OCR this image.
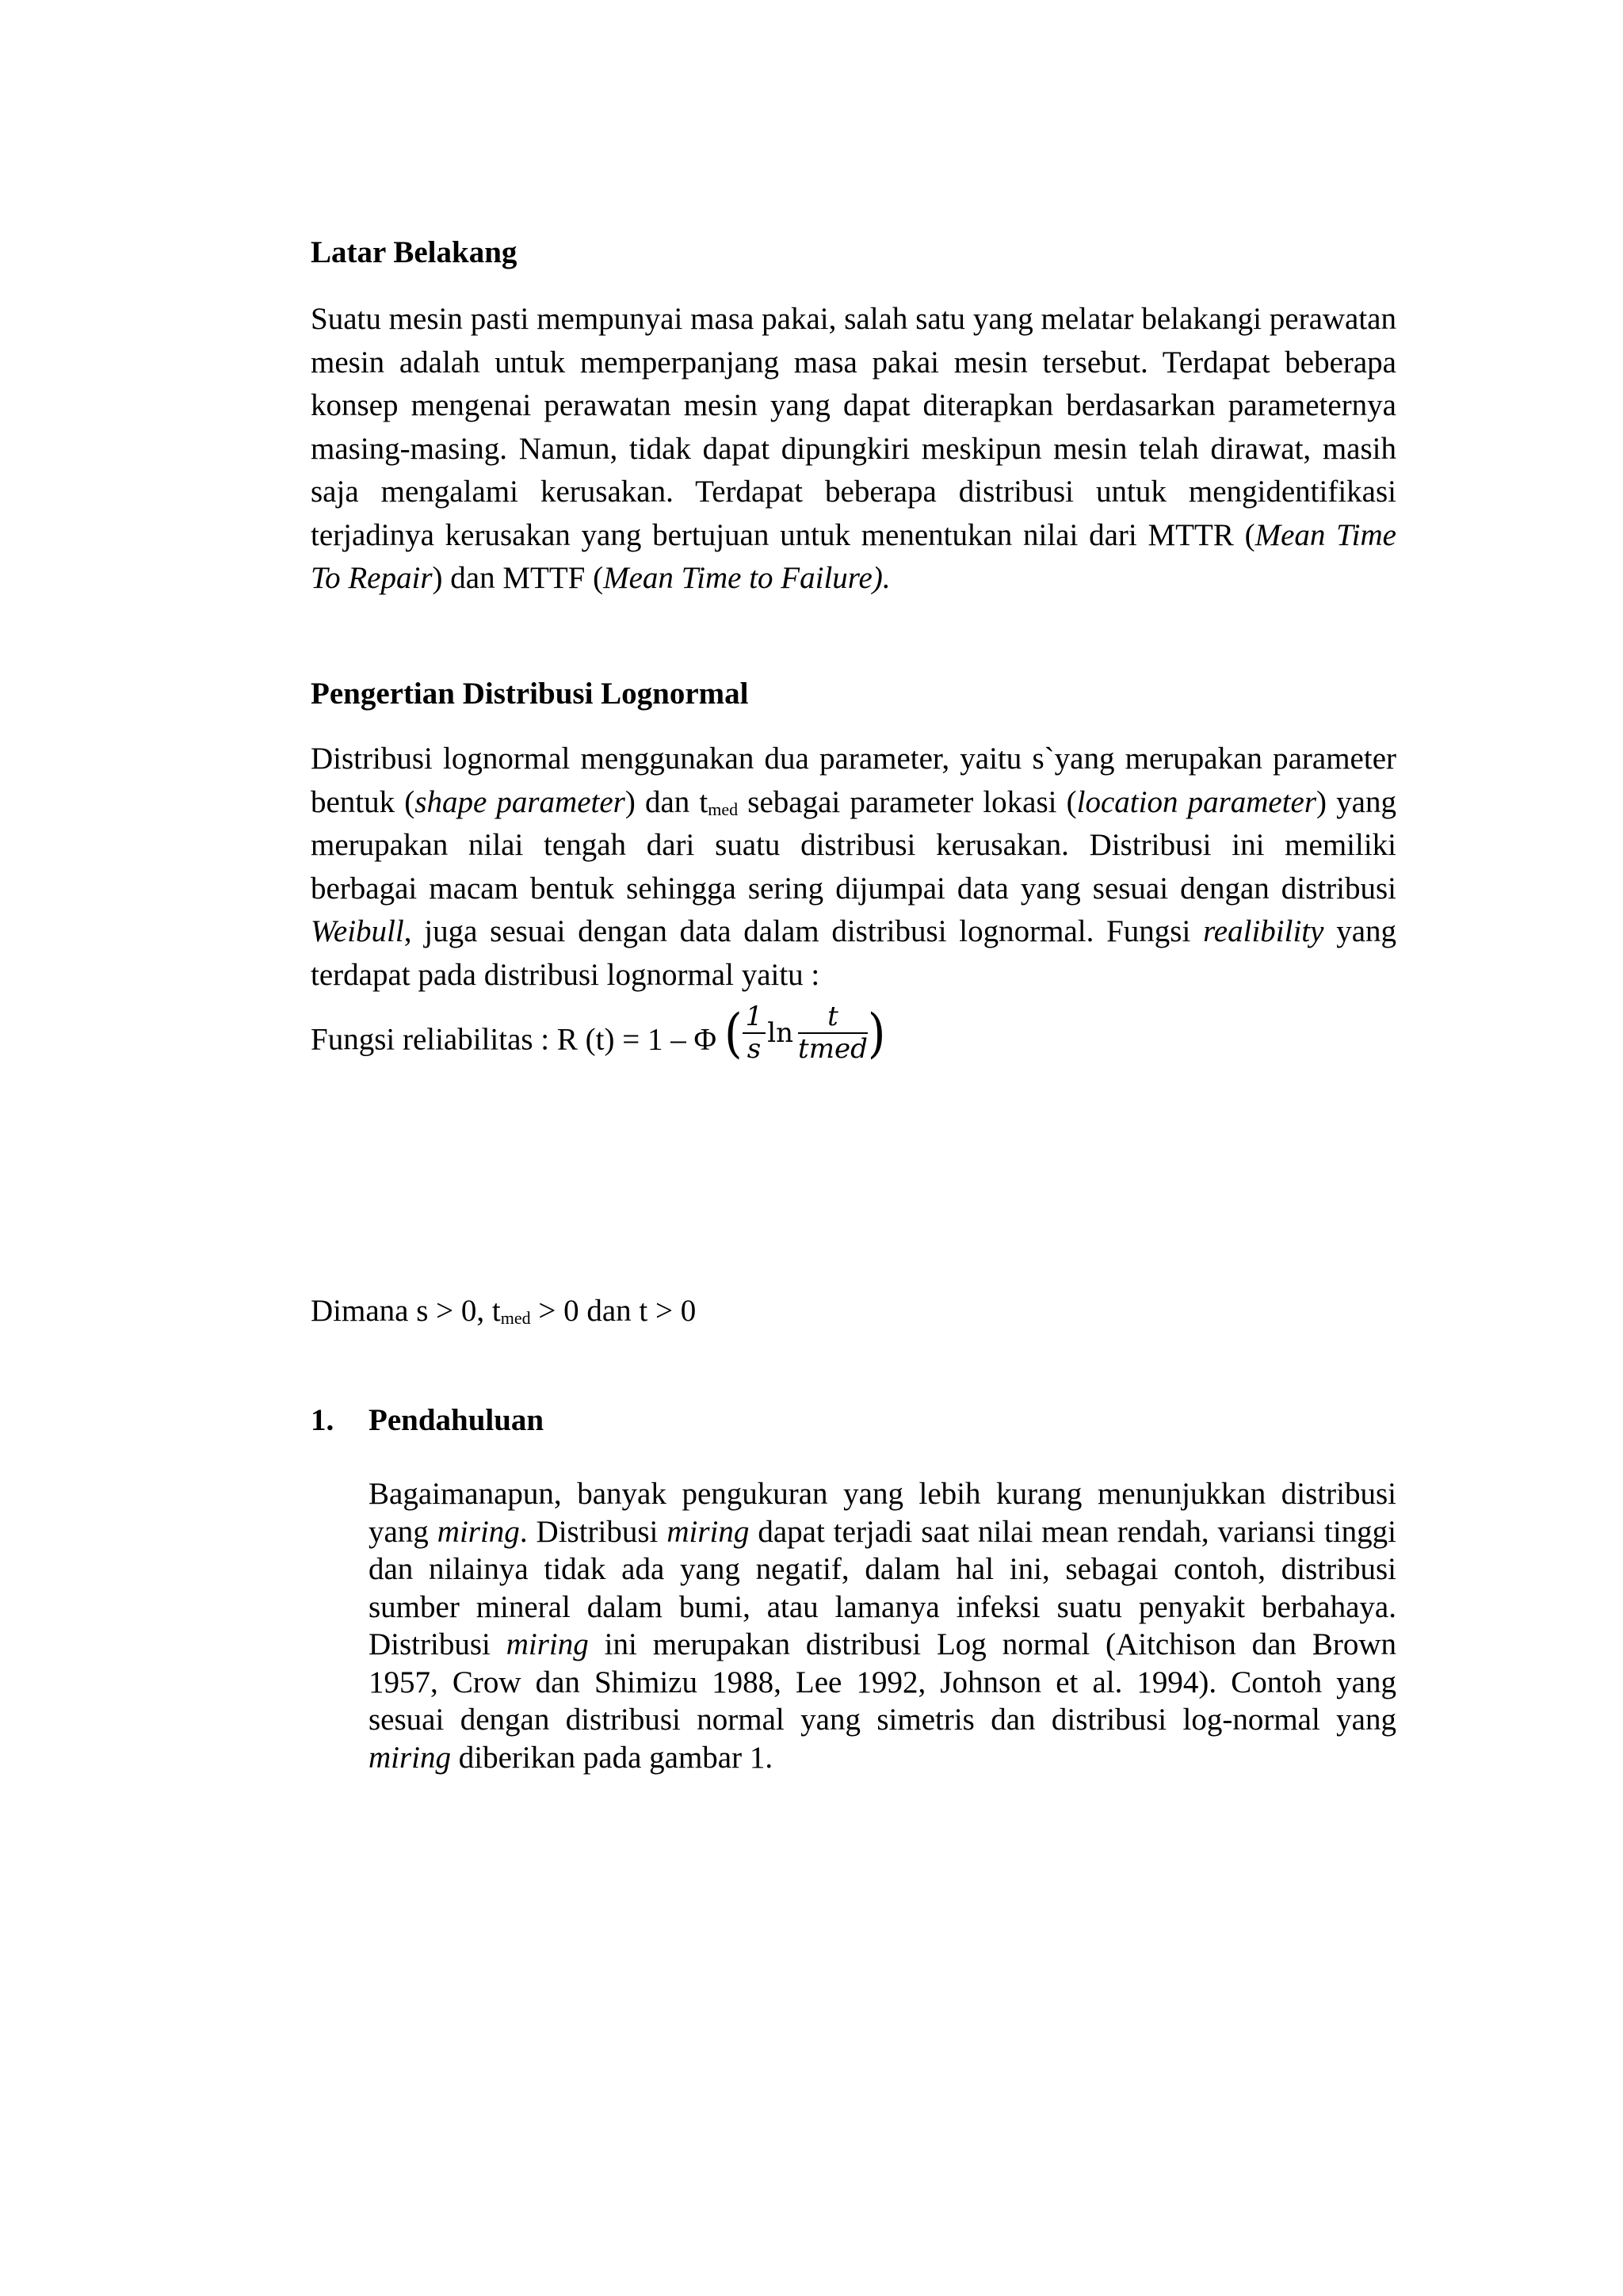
Latar Belakang

Suatu mesin pasti mempunyai masa pakai, salah satu yang melatar belakangi perawatan mesin adalah untuk memperpanjang masa pakai mesin tersebut. Terdapat beberapa konsep mengenai perawatan mesin yang dapat diterapkan berdasarkan parameternya masing-masing. Namun, tidak dapat dipungkiri meskipun mesin telah dirawat, masih saja mengalami kerusakan. Terdapat beberapa distribusi untuk mengidentifikasi terjadinya kerusakan yang bertujuan untuk menentukan nilai dari MTTR (Mean Time To Repair) dan MTTF (Mean Time to Failure).

Pengertian Distribusi Lognormal

Distribusi lognormal menggunakan dua parameter, yaitu s`yang merupakan parameter bentuk (shape parameter) dan $t_{med}$ sebagai parameter lokasi (location parameter) yang merupakan nilai tengah dari suatu distribusi kerusakan. Distribusi ini memiliki berbagai macam bentuk sehingga sering dijumpai data yang sesuai dengan distribusi Weibull, juga sesuai dengan data dalam distribusi lognormal. Fungsi realibility yang terdapat pada distribusi lognormal yaitu :

Fungsi reliabilitas : R (t) = 1 – Φ ( $\frac{1}{s}$ $\ln \frac{t}{\text{tmed}}$ )
Dimana s > 0, $t_{med} > 0$ dan t > 0
1. Pendahuluan

Bagaimanapun, banyak pengukuran yang lebih kurang menunjukkan distribusi yang miring. Distribusi miring dapat terjadi saat nilai mean rendah, variansi tinggi dan nilainya tidak ada yang negatif, dalam hal ini, sebagai contoh, distribusi sumber mineral dalam bumi, atau lamanya infeksi suatu penyakit berbahaya. Distribusi miring ini merupakan distribusi Log normal (Aitchison dan Brown 1957, Crow dan Shimizu 1988, Lee 1992, Johnson et al. 1994). Contoh yang sesuai dengan distribusi normal yang simetris dan distribusi log-normal yang miring diberikan pada gambar 1.
